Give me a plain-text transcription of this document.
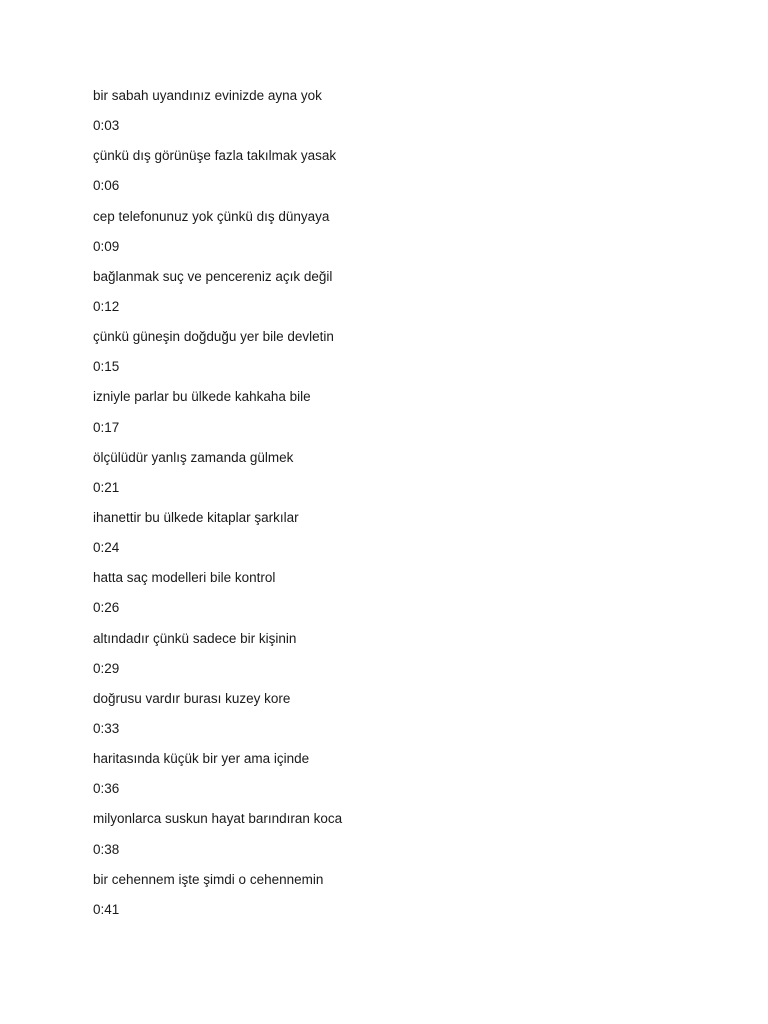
bir sabah uyandınız evinizde ayna yok
0:03
çünkü dış görünüşe fazla takılmak yasak
0:06
cep telefonunuz yok çünkü dış dünyaya
0:09
bağlanmak suç ve pencereniz açık değil
0:12
çünkü güneşin doğduğu yer bile devletin
0:15
izniyle parlar bu ülkede kahkaha bile
0:17
ölçülüdür yanlış zamanda gülmek
0:21
ihanettir bu ülkede kitaplar şarkılar
0:24
hatta saç modelleri bile kontrol
0:26
altındadır çünkü sadece bir kişinin
0:29
doğrusu vardır burası kuzey kore
0:33
haritasında küçük bir yer ama içinde
0:36
milyonlarca suskun hayat barındıran koca
0:38
bir cehennem işte şimdi o cehennemin
0:41
